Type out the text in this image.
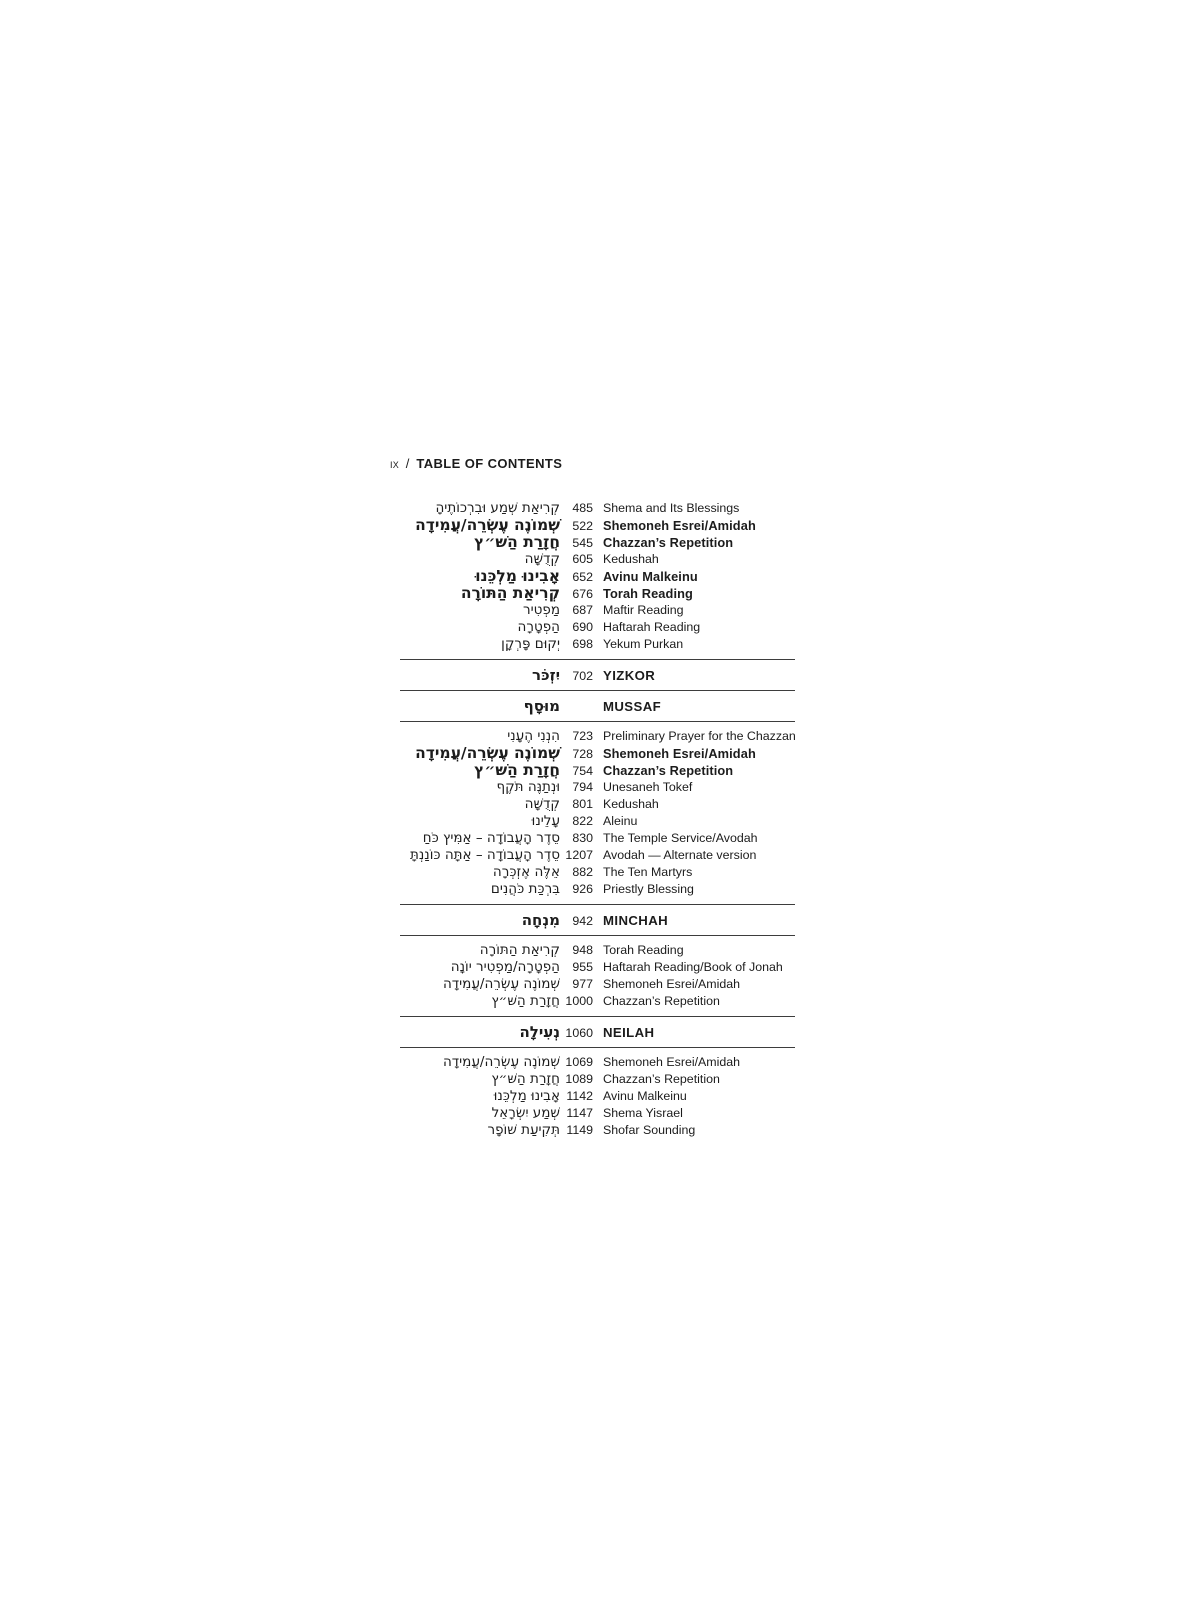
ix / TABLE OF CONTENTS
קְרִיאַת שְׁמַע וּבִרְכוֹתֶיהָ 485 Shema and Its Blessings
שְׁמוֹנֶה עֶשְׂרֵה/עֲמִידָה 522 Shemoneh Esrei/Amidah
חֲזָרַת הַשּׁ״ץ 545 Chazzan’s Repetition
קְדֻשָּׁה 605 Kedushah
אָבִינוּ מַלְכֵּנוּ 652 Avinu Malkeinu
קְרִיאַת הַתּוֹרָה 676 Torah Reading
מַפְטִיר 687 Maftir Reading
הַפְטָרָה 690 Haftarah Reading
יְקוּם פָּרְקָן 698 Yekum Purkan
יִזְכֹּר 702 YIZKOR
מוּסָף	MUSSAF
הִנְנִי הֶעָנִי 723 Preliminary Prayer for the Chazzan
שְׁמוֹנֶה עֶשְׂרֵה/עֲמִידָה 728 Shemoneh Esrei/Amidah
חֲזָרַת הַשּׁ״ץ 754 Chazzan’s Repetition
וּנְתַנֶּה תֹּקֶף 794 Unesaneh Tokef
קְדֻשָּׁה 801 Kedushah
עָלֵינוּ 822 Aleinu
סֵדֶר הָעֲבוֹדָה – אַמִּיץ כֹּחַ 830 The Temple Service/Avodah
סֵדֶר הָעֲבוֹדָה – אַתָּה כּוֹנַנְתָּ 1207 Avodah — Alternate version
אֵלֶּה אֶזְכְּרָה 882 The Ten Martyrs
בִּרְכַּת כֹּהֲנִים 926 Priestly Blessing
מִנְחָה 942 MINCHAH
קְרִיאַת הַתּוֹרָה 948 Torah Reading
הַפְטָרָה/מַפְטִיר יוֹנָה 955 Haftarah Reading/Book of Jonah
שְׁמוֹנֶה עֶשְׂרֵה/עֲמִידָה 977 Shemoneh Esrei/Amidah
חֲזָרַת הַשּׁ״ץ 1000 Chazzan’s Repetition
נְעִילָה 1060 NEILAH
שְׁמוֹנֶה עֶשְׂרֵה/עֲמִידָה 1069 Shemoneh Esrei/Amidah
חֲזָרַת הַשּׁ״ץ 1089 Chazzan’s Repetition
אָבִינוּ מַלְכֵּנוּ 1142 Avinu Malkeinu
שְׁמַע יִשְׂרָאֵל 1147 Shema Yisrael
תְּקִיעַת שׁוֹפָר 1149 Shofar Sounding
